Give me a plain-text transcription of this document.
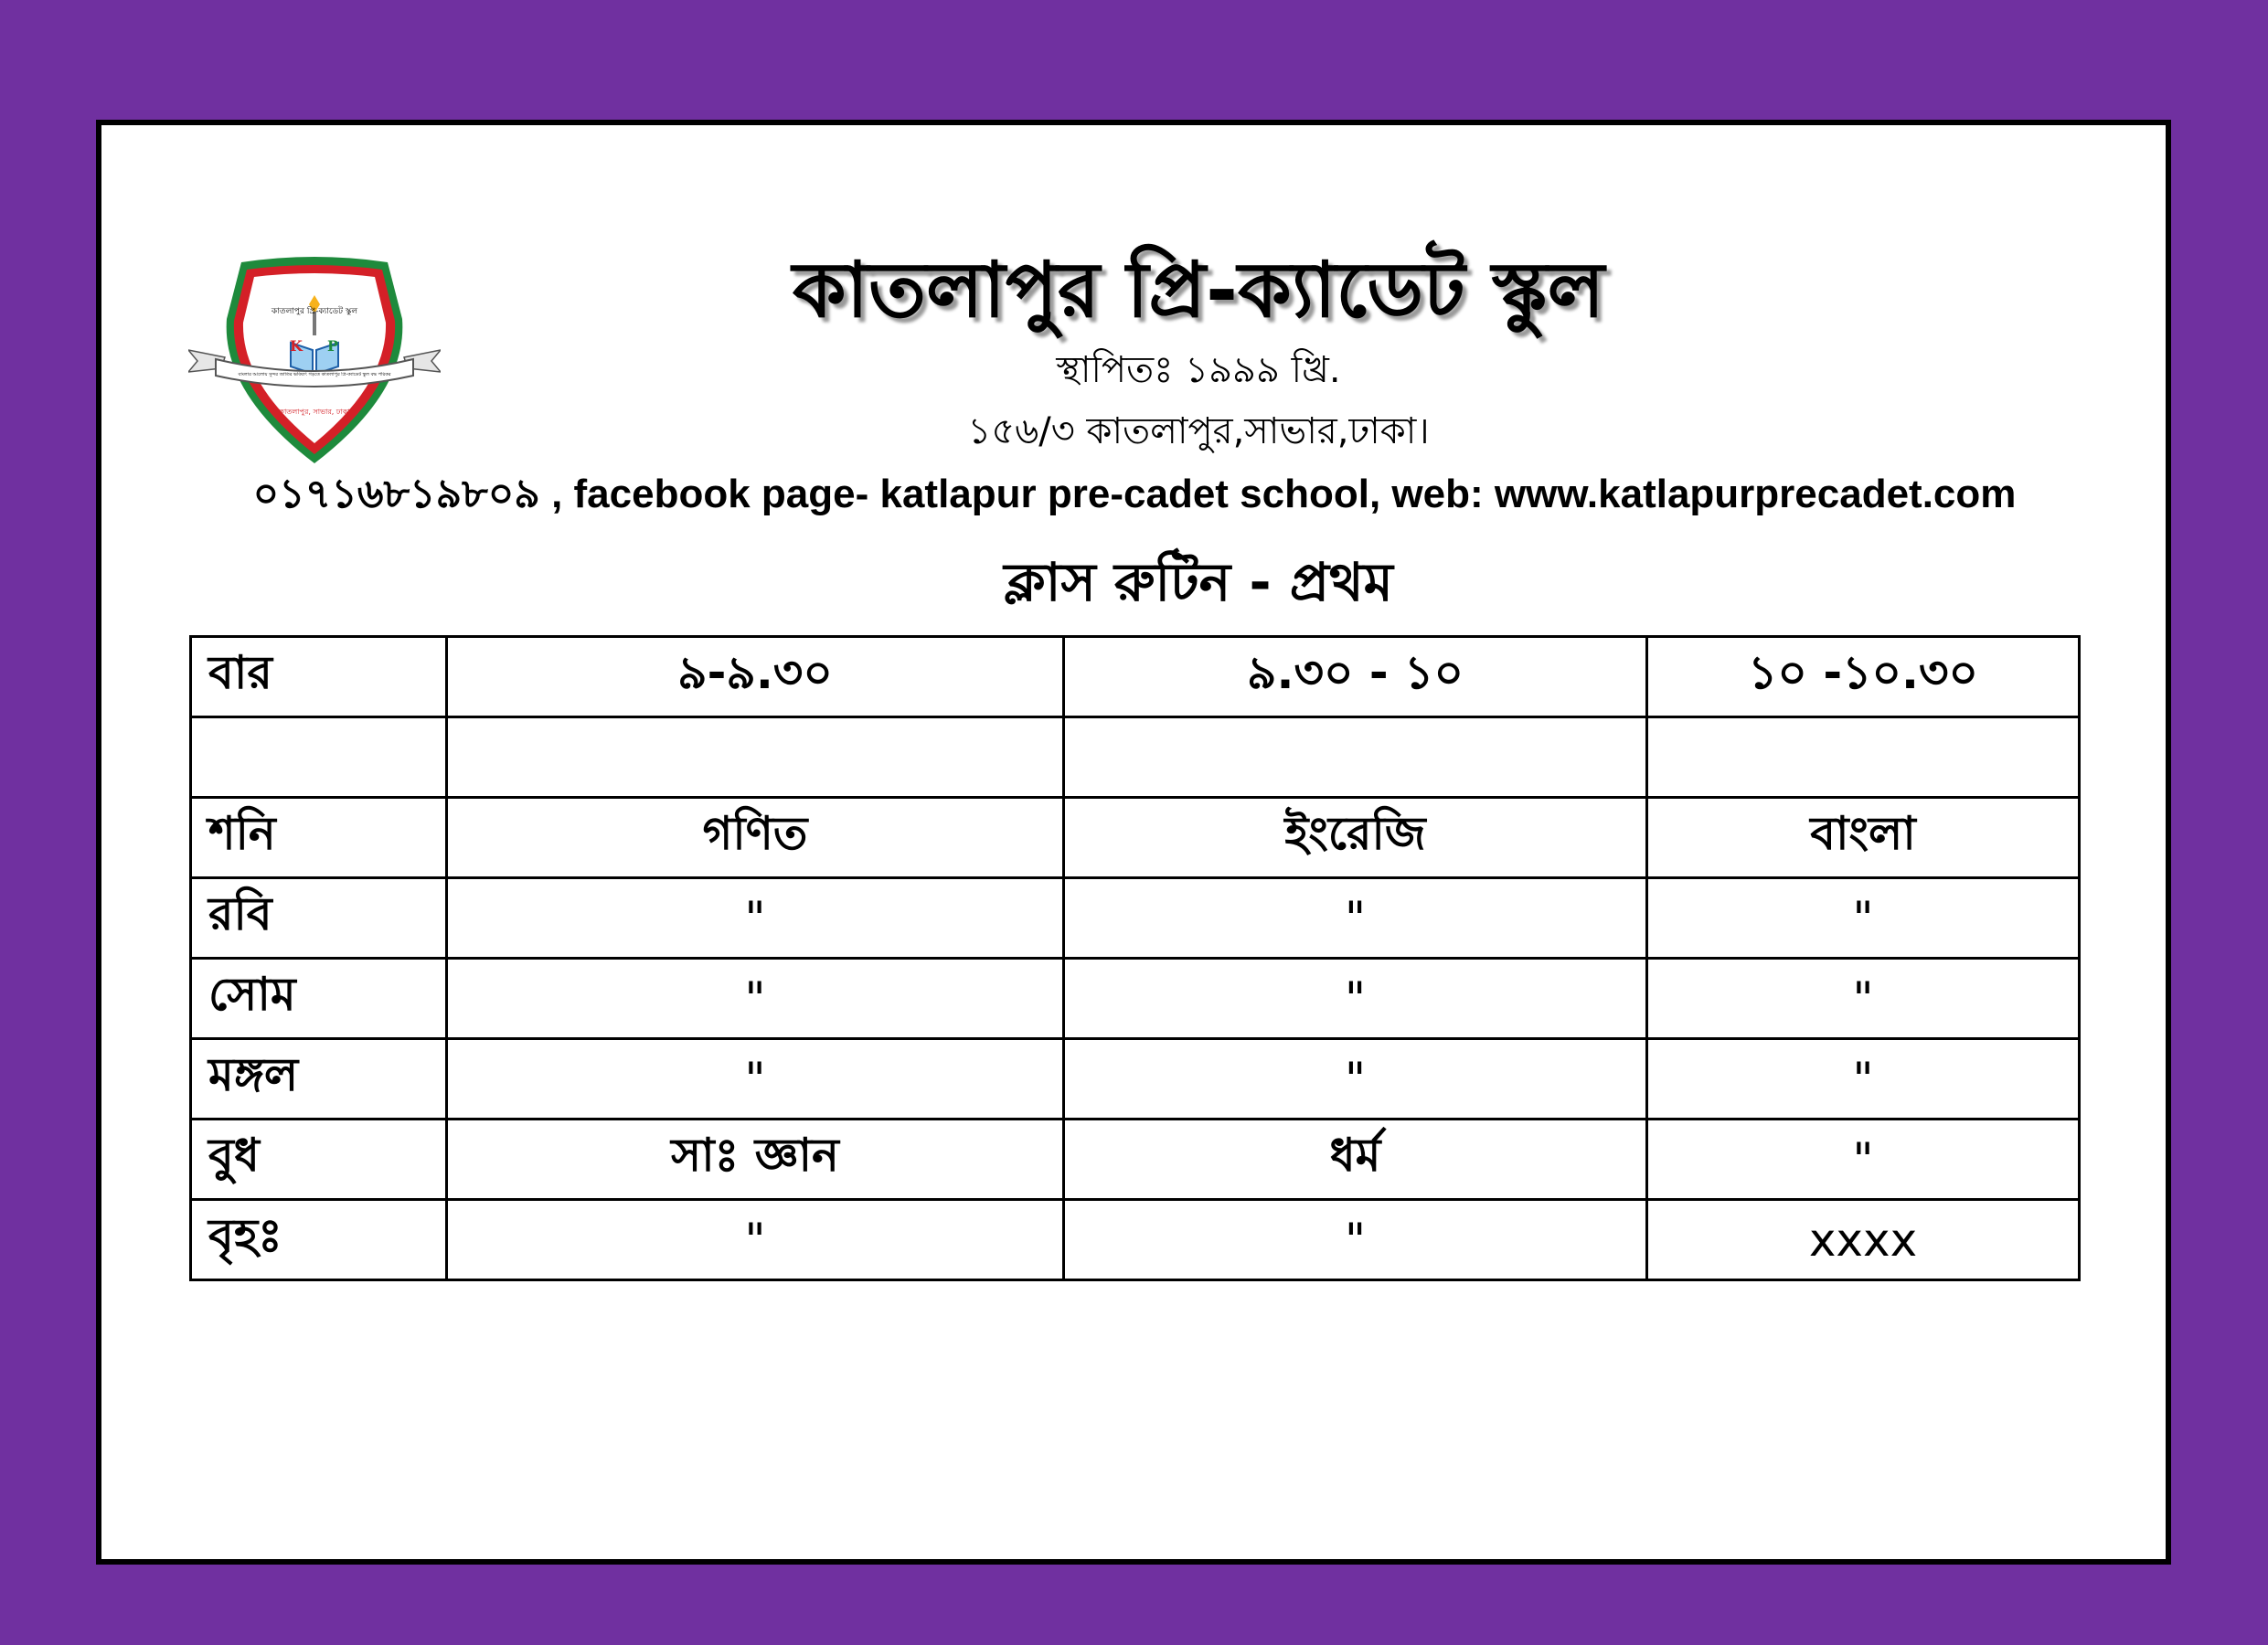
স্থাপিত ১৯৯৯ খ্রি
কাতলাপুর প্রি-ক্যাডেট স্কুল
K P
বাংলার আলোয় সুন্দর জাতির ভবিষ্যৎ গড়তে কাতলাপুর প্রি-ক্যাডেট স্কুল বদ্ধ পরিকর
কাতলাপুর, সাভার, ঢাকা
কাতলাপুর প্রি-ক্যাডেট স্কুল
স্থাপিতঃ ১৯৯৯ খ্রি.
১৫৬/৩ কাতলাপুর,সাভার,ঢাকা।
০১৭১৬৮১৯৮০৯ , facebook page- katlapur pre-cadet school, web: www.katlapurprecadet.com
ক্লাস রুটিন - প্রথম
বার	৯-৯.৩০	৯.৩০ - ১০	১০ -১০.৩০

শনি	গণিত	ইংরেজি	বাংলা
রবি	"	"	"
সোম	"	"	"
মঙ্গল	"	"	"
বুধ	সাঃ জ্ঞান	ধর্ম	"
বৃহঃ	"	"	xxxx
